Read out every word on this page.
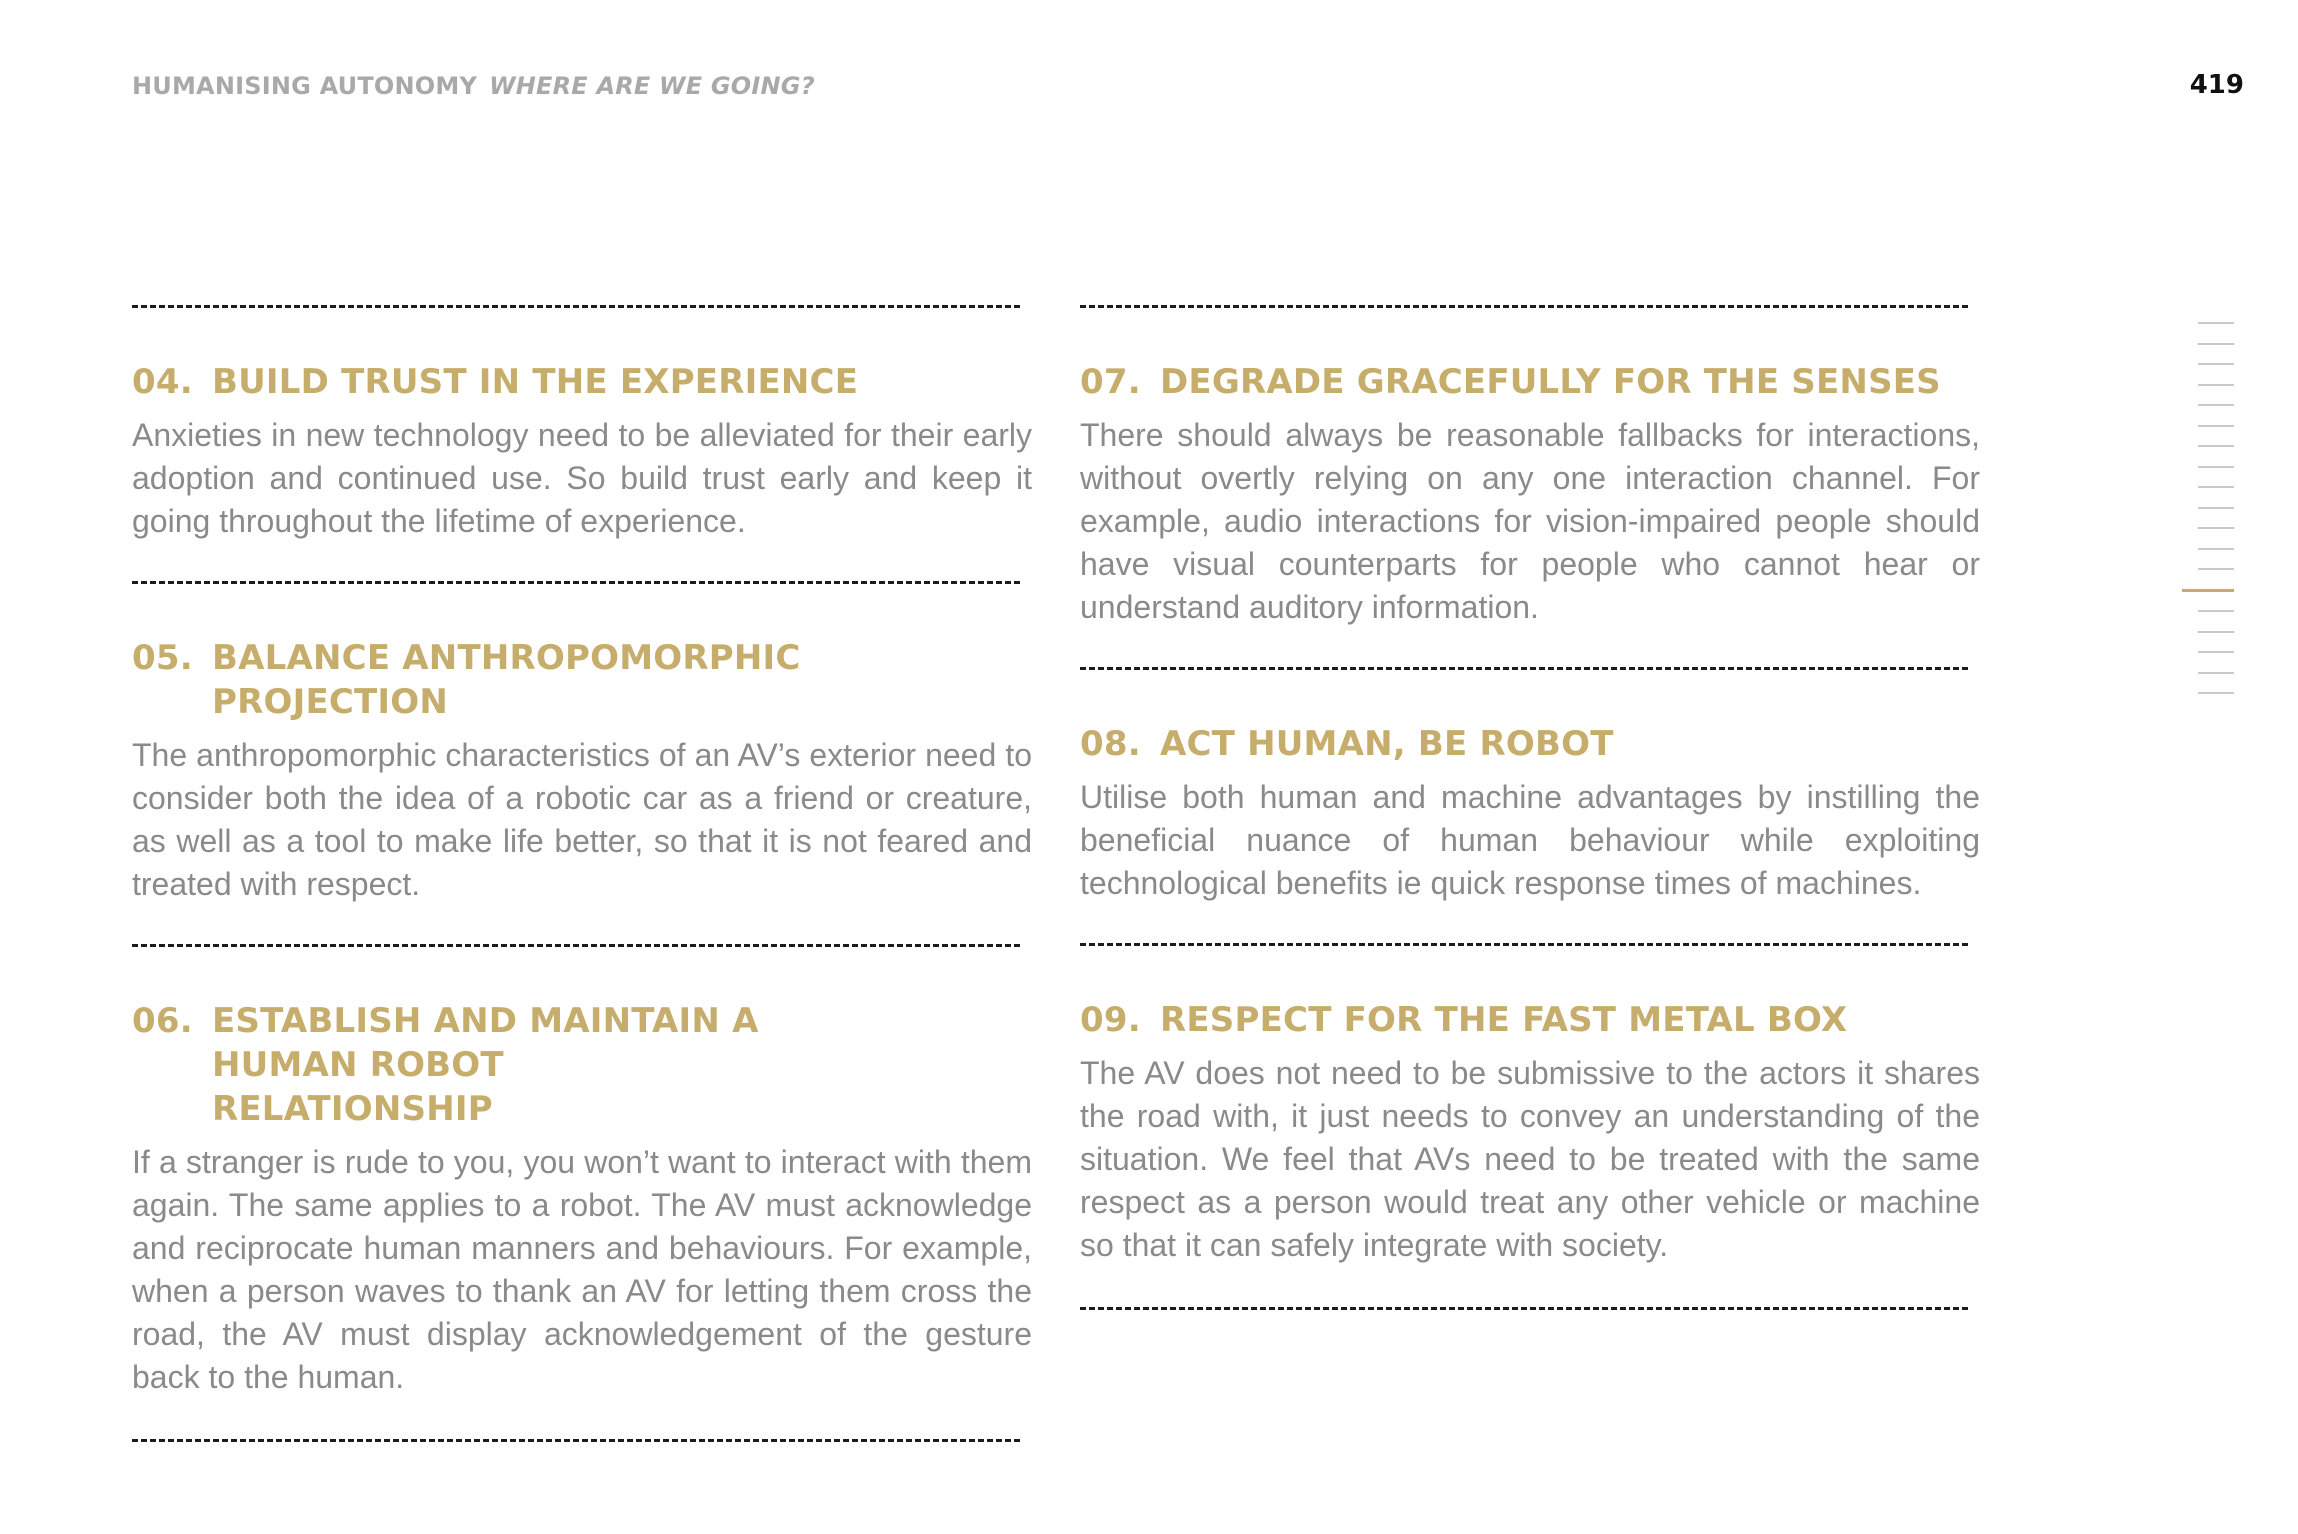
HUMANISING AUTONOMY WHERE ARE WE GOING?	419
04. BUILD TRUST IN THE EXPERIENCE
Anxieties in new technology need to be alleviated for their early adoption and continued use. So build trust early and keep it going throughout the lifetime of experience.
05. BALANCE ANTHROPOMORPHIC PROJECTION
The anthropomorphic characteristics of an AV’s exterior need to consider both the idea of a robotic car as a friend or creature, as well as a tool to make life better, so that it is not feared and treated with respect.
06. ESTABLISH AND MAINTAIN A HUMAN ROBOT RELATIONSHIP
If a stranger is rude to you, you won’t want to interact with them again. The same applies to a robot. The AV must acknowledge and reciprocate human manners and behaviours. For example, when a person waves to thank an AV for letting them cross the road, the AV must display acknowledgement of the gesture back to the human.
07. DEGRADE GRACEFULLY FOR THE SENSES
There should always be reasonable fallbacks for interactions, without overtly relying on any one interaction channel. For example, audio interactions for vision-impaired people should have visual counterparts for people who cannot hear or understand auditory information.
08. ACT HUMAN, BE ROBOT
Utilise both human and machine advantages by instilling the beneficial nuance of human behaviour while exploiting technological benefits ie quick response times of machines.
09. RESPECT FOR THE FAST METAL BOX
The AV does not need to be submissive to the actors it shares the road with, it just needs to convey an understanding of the situation. We feel that AVs need to be treated with the same respect as a person would treat any other vehicle or machine so that it can safely integrate with society.
